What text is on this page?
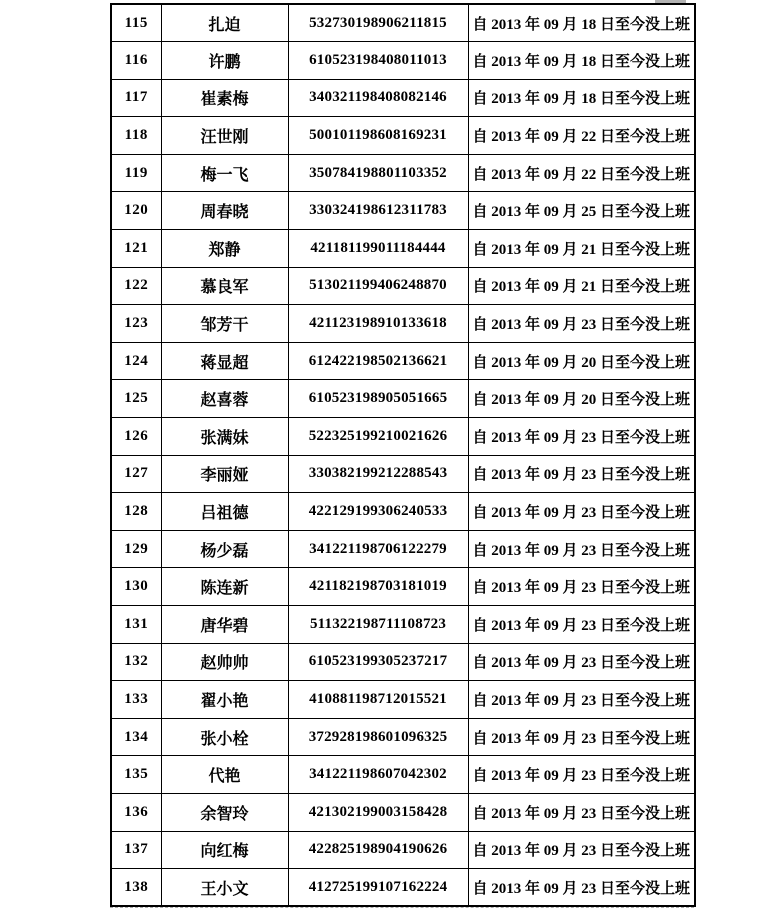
115	扎迫	532730198906211815	自 2013 年 09 月 18 日至今没上班
116	许鹏	610523198408011013	自 2013 年 09 月 18 日至今没上班
117	崔素梅	340321198408082146	自 2013 年 09 月 18 日至今没上班
118	汪世刚	500101198608169231	自 2013 年 09 月 22 日至今没上班
119	梅一飞	350784198801103352	自 2013 年 09 月 22 日至今没上班
120	周春晓	330324198612311783	自 2013 年 09 月 25 日至今没上班
121	郑静	421181199011184444	自 2013 年 09 月 21 日至今没上班
122	慕良军	513021199406248870	自 2013 年 09 月 21 日至今没上班
123	邹芳干	421123198910133618	自 2013 年 09 月 23 日至今没上班
124	蒋显超	612422198502136621	自 2013 年 09 月 20 日至今没上班
125	赵喜蓉	610523198905051665	自 2013 年 09 月 20 日至今没上班
126	张满妹	522325199210021626	自 2013 年 09 月 23 日至今没上班
127	李丽娅	330382199212288543	自 2013 年 09 月 23 日至今没上班
128	吕祖德	422129199306240533	自 2013 年 09 月 23 日至今没上班
129	杨少磊	341221198706122279	自 2013 年 09 月 23 日至今没上班
130	陈连新	421182198703181019	自 2013 年 09 月 23 日至今没上班
131	唐华碧	511322198711108723	自 2013 年 09 月 23 日至今没上班
132	赵帅帅	610523199305237217	自 2013 年 09 月 23 日至今没上班
133	翟小艳	410881198712015521	自 2013 年 09 月 23 日至今没上班
134	张小栓	372928198601096325	自 2013 年 09 月 23 日至今没上班
135	代艳	341221198607042302	自 2013 年 09 月 23 日至今没上班
136	余智玲	421302199003158428	自 2013 年 09 月 23 日至今没上班
137	向红梅	422825198904190626	自 2013 年 09 月 23 日至今没上班
138	王小文	412725199107162224	自 2013 年 09 月 23 日至今没上班
